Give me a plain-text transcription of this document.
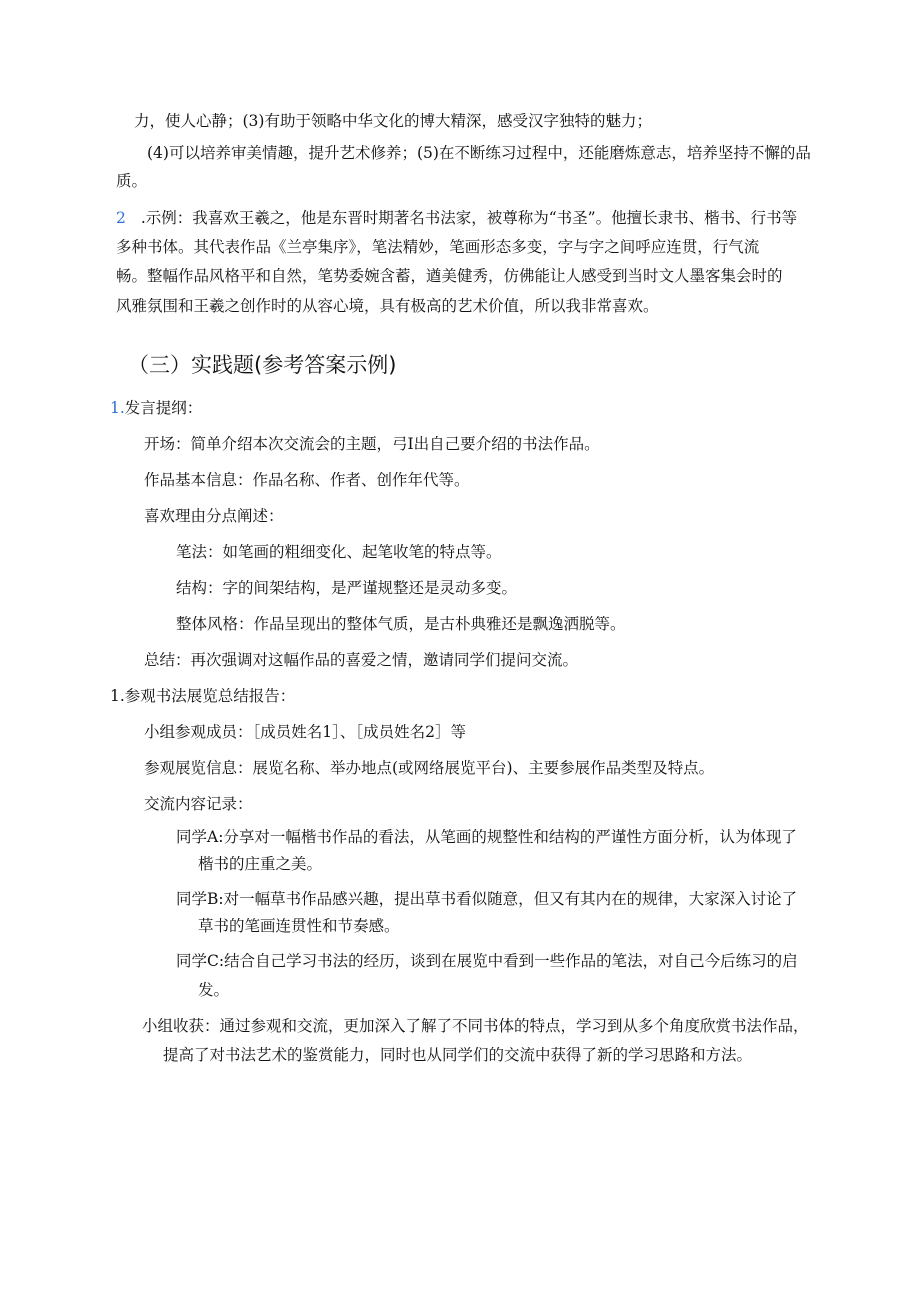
力，使人心静；(3)有助于领略中华文化的博大精深，感受汉字独特的魅力；
(4)可以培养审美情趣，提升艺术修养；(5)在不断练习过程中，还能磨炼意志，培养坚持不懈的品
质。
2 .示例：我喜欢王羲之，他是东晋时期著名书法家，被尊称为“书圣”。他擅长隶书、楷书、行书等
多种书体。其代表作品《兰亭集序》，笔法精妙，笔画形态多变，字与字之间呼应连贯，行气流
畅。整幅作品风格平和自然，笔势委婉含蓄，遒美健秀，仿佛能让人感受到当时文人墨客集会时的
风雅氛围和王羲之创作时的从容心境，具有极高的艺术价值，所以我非常喜欢。
（三）实践题(参考答案示例)
1.发言提纲：
开场：简单介绍本次交流会的主题，弓I出自己要介绍的书法作品。
作品基本信息：作品名称、作者、创作年代等。
喜欢理由分点阐述：
笔法：如笔画的粗细变化、起笔收笔的特点等。
结构：字的间架结构，是严谨规整还是灵动多变。
整体风格：作品呈现出的整体气质，是古朴典雅还是飘逸洒脱等。
总结：再次强调对这幅作品的喜爱之情，邀请同学们提问交流。
1.参观书法展览总结报告：
小组参观成员：［成员姓名1］、［成员姓名2］等
参观展览信息：展览名称、举办地点(或网络展览平台)、主要参展作品类型及特点。
交流内容记录：
同学A:分享对一幅楷书作品的看法，从笔画的规整性和结构的严谨性方面分析，认为体现了
楷书的庄重之美。
同学B:对一幅草书作品感兴趣，提出草书看似随意，但又有其内在的规律，大家深入讨论了
草书的笔画连贯性和节奏感。
同学C:结合自己学习书法的经历，谈到在展览中看到一些作品的笔法，对自己今后练习的启
发。
小组收获：通过参观和交流，更加深入了解了不同书体的特点，学习到从多个角度欣赏书法作品，
提高了对书法艺术的鉴赏能力，同时也从同学们的交流中获得了新的学习思路和方法。
